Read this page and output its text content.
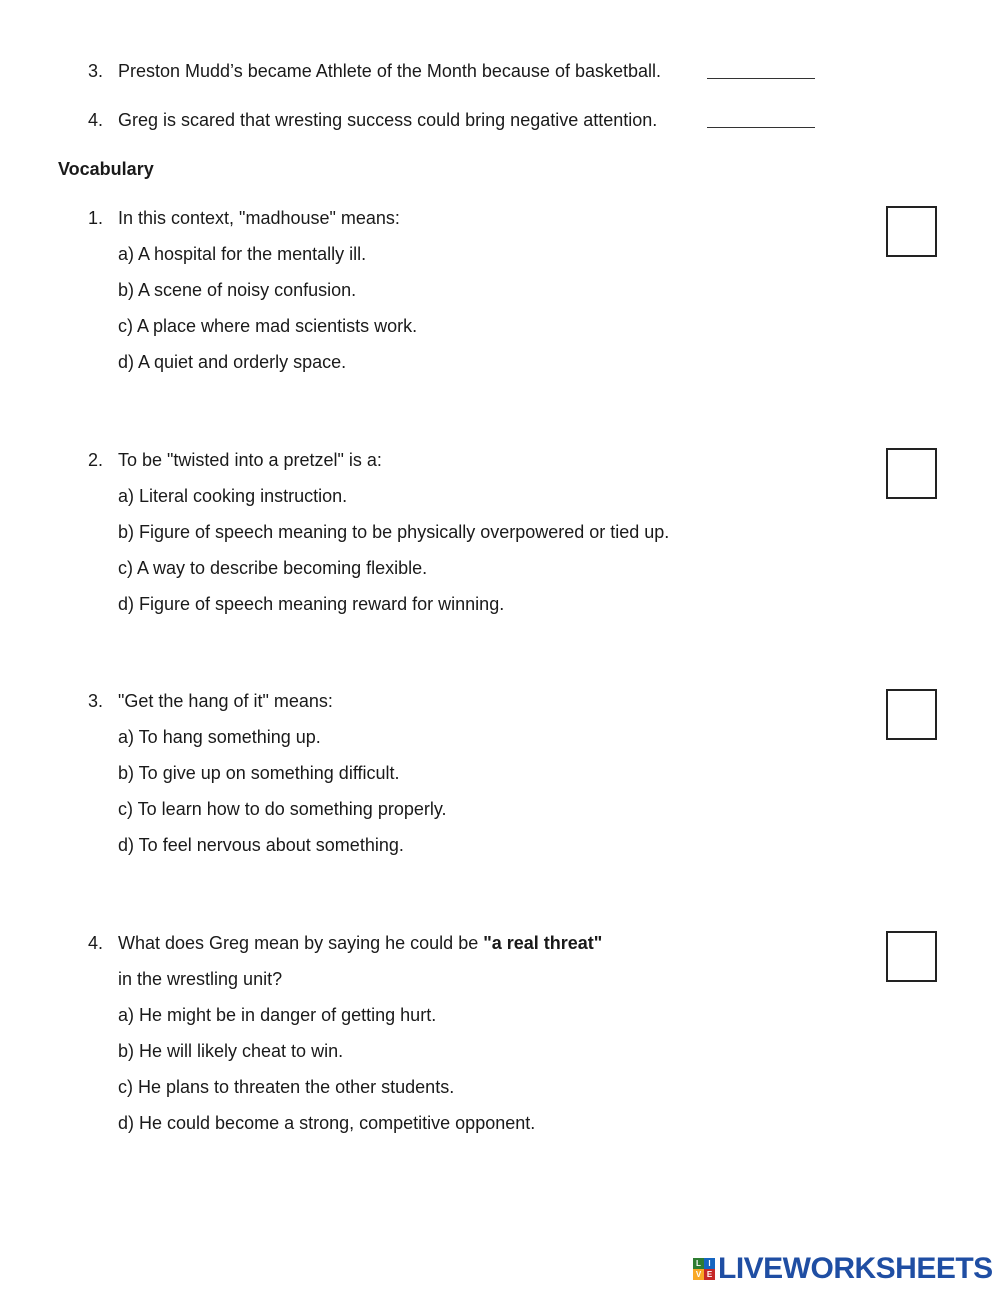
3. Preston Mudd’s became Athlete of the Month because of basketball.
4. Greg is scared that wresting success could bring negative attention.
Vocabulary
1. In this context, "madhouse" means:
a) A hospital for the mentally ill.
b) A scene of noisy confusion.
c) A place where mad scientists work.
d) A quiet and orderly space.
2. To be "twisted into a pretzel" is a:
a) Literal cooking instruction.
b) Figure of speech meaning to be physically overpowered or tied up.
c) A way to describe becoming flexible.
d) Figure of speech meaning reward for winning.
3. "Get the hang of it" means:
a) To hang something up.
b) To give up on something difficult.
c) To learn how to do something properly.
d) To feel nervous about something.
4. What does Greg mean by saying he could be "a real threat"
in the wrestling unit?
a) He might be in danger of getting hurt.
b) He will likely cheat to win.
c) He plans to threaten the other students.
d) He could become a strong, competitive opponent.
L I
V E LIVEWORKSHEETS
